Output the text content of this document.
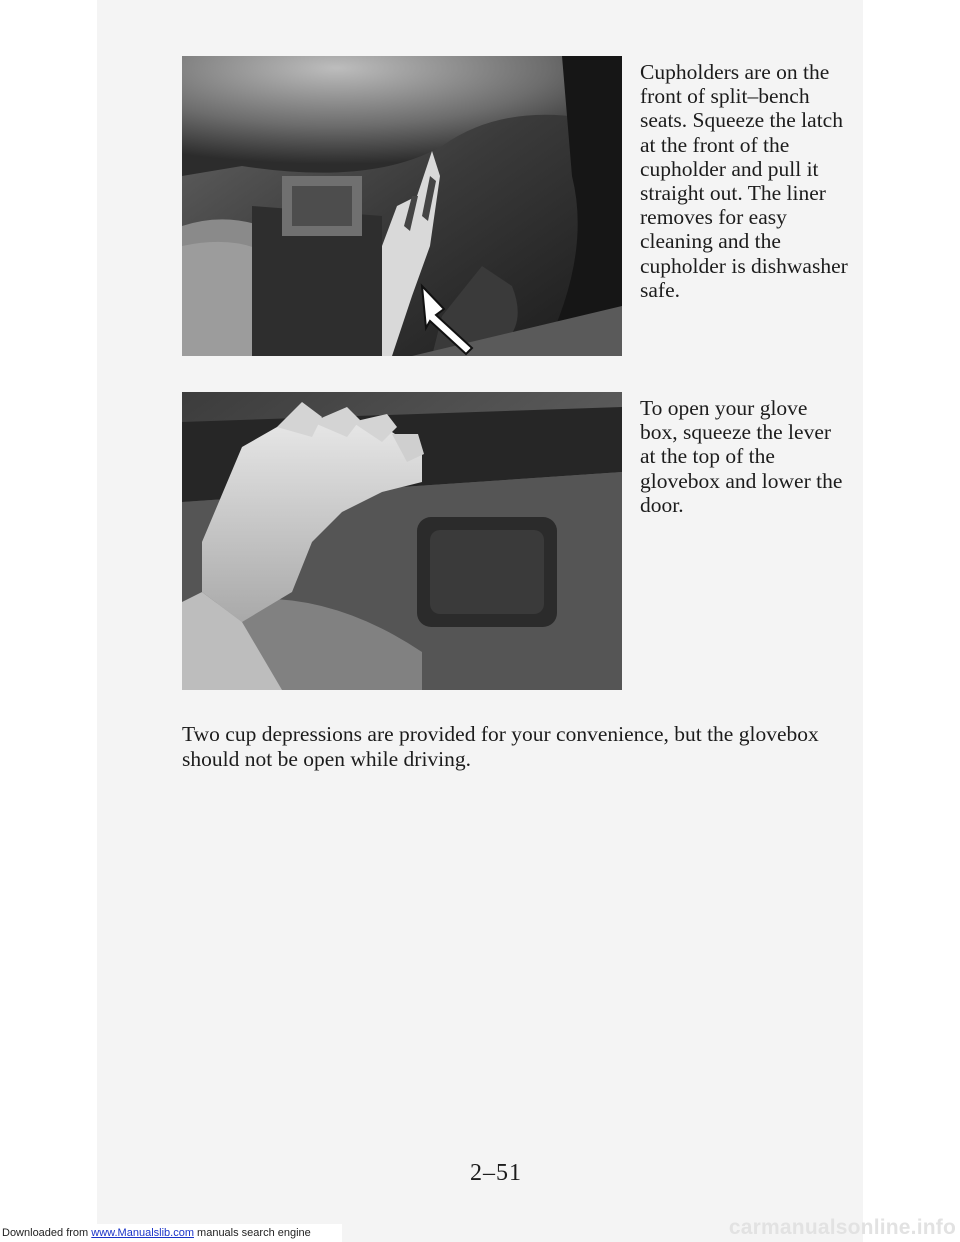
Cupholders are on the front of split–bench seats. Squeeze the latch at the front of the cupholder and pull it straight out. The liner removes for easy cleaning and the cupholder is dishwasher safe.

To open your glove box, squeeze the lever at the top of the glovebox and lower the door.

Two cup depressions are provided for your convenience, but the glovebox should not be open while driving.

2–51
Downloaded from www.Manualslib.com manuals search engine	carmanualsonline.info
